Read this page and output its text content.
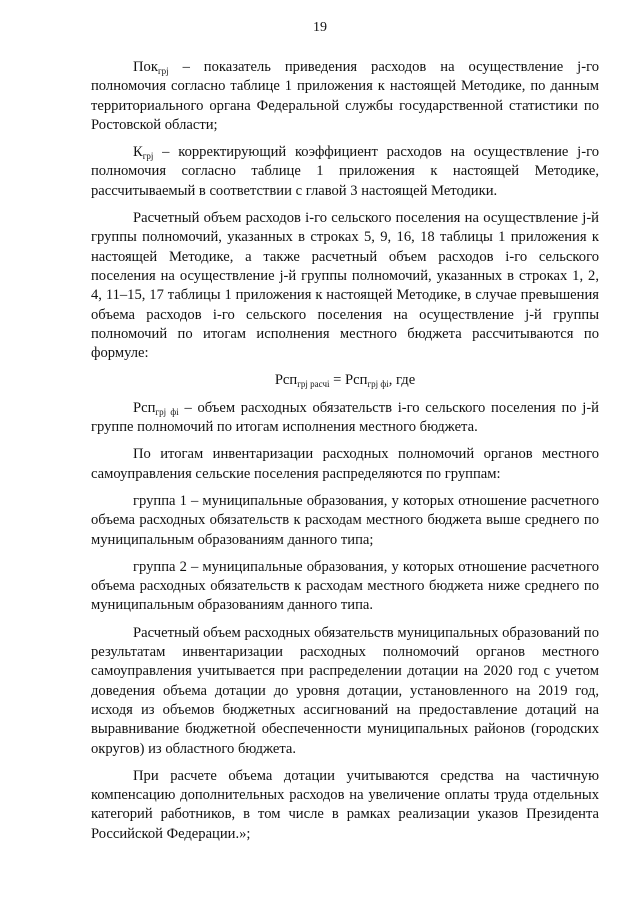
19

Пок$_{грj}$ – показатель приведения расходов на осуществление j-го полномочия согласно таблице 1 приложения к настоящей Методике, по данным территориального органа Федеральной службы государственной статистики по Ростовской области;

$К_{грj}$ – корректирующий коэффициент расходов на осуществление j-го полномочия согласно таблице 1 приложения к настоящей Методике, рассчитываемый в соответствии с главой 3 настоящей Методики.

Расчетный объем расходов i-го сельского поселения на осуществление j-й группы полномочий, указанных в строках 5, 9, 16, 18 таблицы 1 приложения к настоящей Методике, а также расчетный объем расходов i-го сельского поселения на осуществление j-й группы полномочий, указанных в строках 1, 2, 4, 11–15, 17 таблицы 1 приложения к настоящей Методике, в случае превышения объема расходов i-го сельского поселения на осуществление j-й группы полномочий по итогам исполнения местного бюджета рассчитываются по формуле:

Рсп$_{грj расчi}$ = Рсп$_{грj фi}$, где

Рсп$_{грj фi}$ – объем расходных обязательств i-го сельского поселения по j-й группе полномочий по итогам исполнения местного бюджета.

По итогам инвентаризации расходных полномочий органов местного самоуправления сельские поселения распределяются по группам:

группа 1 – муниципальные образования, у которых отношение расчетного объема расходных обязательств к расходам местного бюджета выше среднего по муниципальным образованиям данного типа;

группа 2 – муниципальные образования, у которых отношение расчетного объема расходных обязательств к расходам местного бюджета ниже среднего по муниципальным образованиям данного типа.

Расчетный объем расходных обязательств муниципальных образований по результатам инвентаризации расходных полномочий органов местного самоуправления учитывается при распределении дотации на 2020 год с учетом доведения объема дотации до уровня дотации, установленного на 2019 год, исходя из объемов бюджетных ассигнований на предоставление дотаций на выравнивание бюджетной обеспеченности муниципальных районов (городских округов) из областного бюджета.

При расчете объема дотации учитываются средства на частичную компенсацию дополнительных расходов на увеличение оплаты труда отдельных категорий работников, в том числе в рамках реализации указов Президента Российской Федерации.»;
